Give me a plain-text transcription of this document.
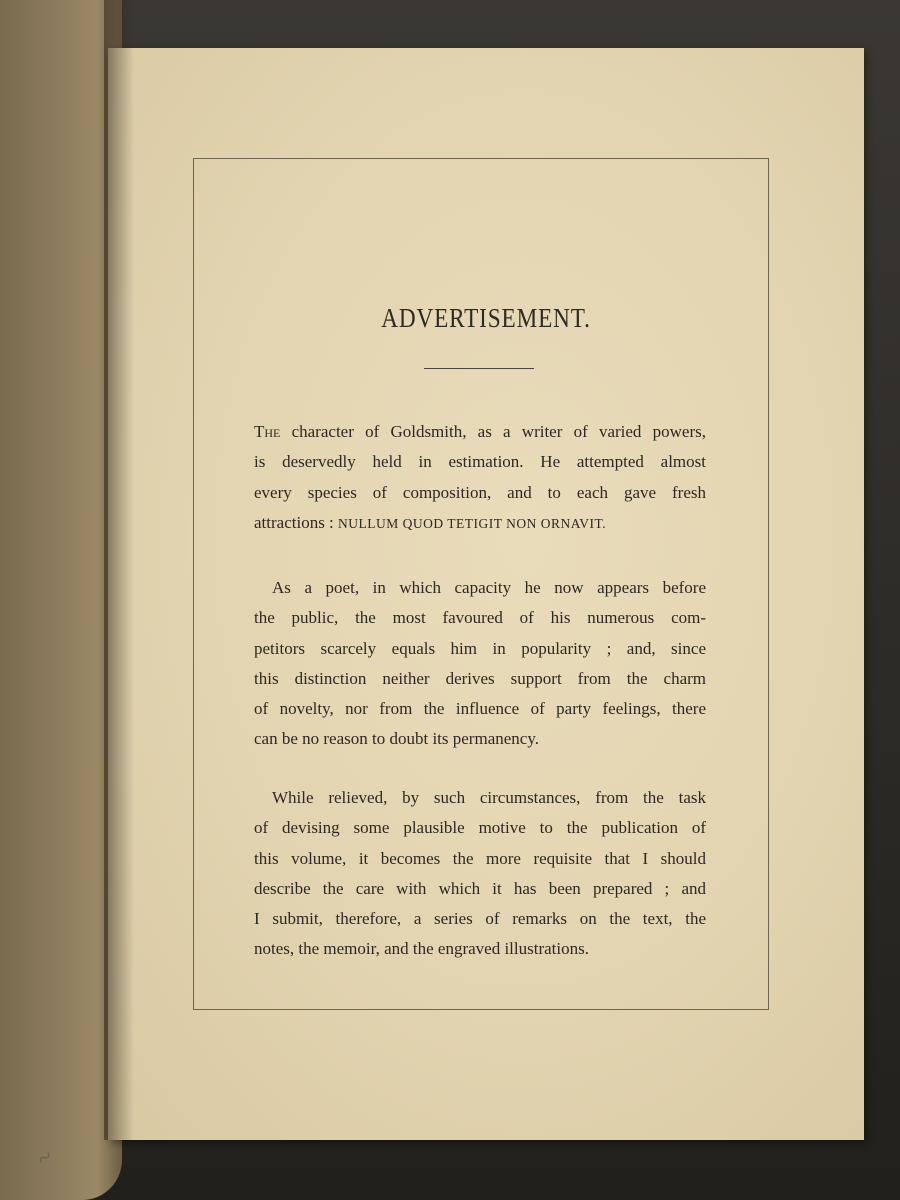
~
ADVERTISEMENT.
The character of Goldsmith, as a writer of varied powers,
is deservedly held in estimation. He attempted almost
every species of composition, and to each gave fresh
attractions : NULLUM QUOD TETIGIT NON ORNAVIT.
As a poet, in which capacity he now appears before
the public, the most favoured of his numerous com-
petitors scarcely equals him in popularity ; and, since
this distinction neither derives support from the charm
of novelty, nor from the influence of party feelings, there
can be no reason to doubt its permanency.
While relieved, by such circumstances, from the task
of devising some plausible motive to the publication of
this volume, it becomes the more requisite that I should
describe the care with which it has been prepared ; and
I submit, therefore, a series of remarks on the text, the
notes, the memoir, and the engraved illustrations.
